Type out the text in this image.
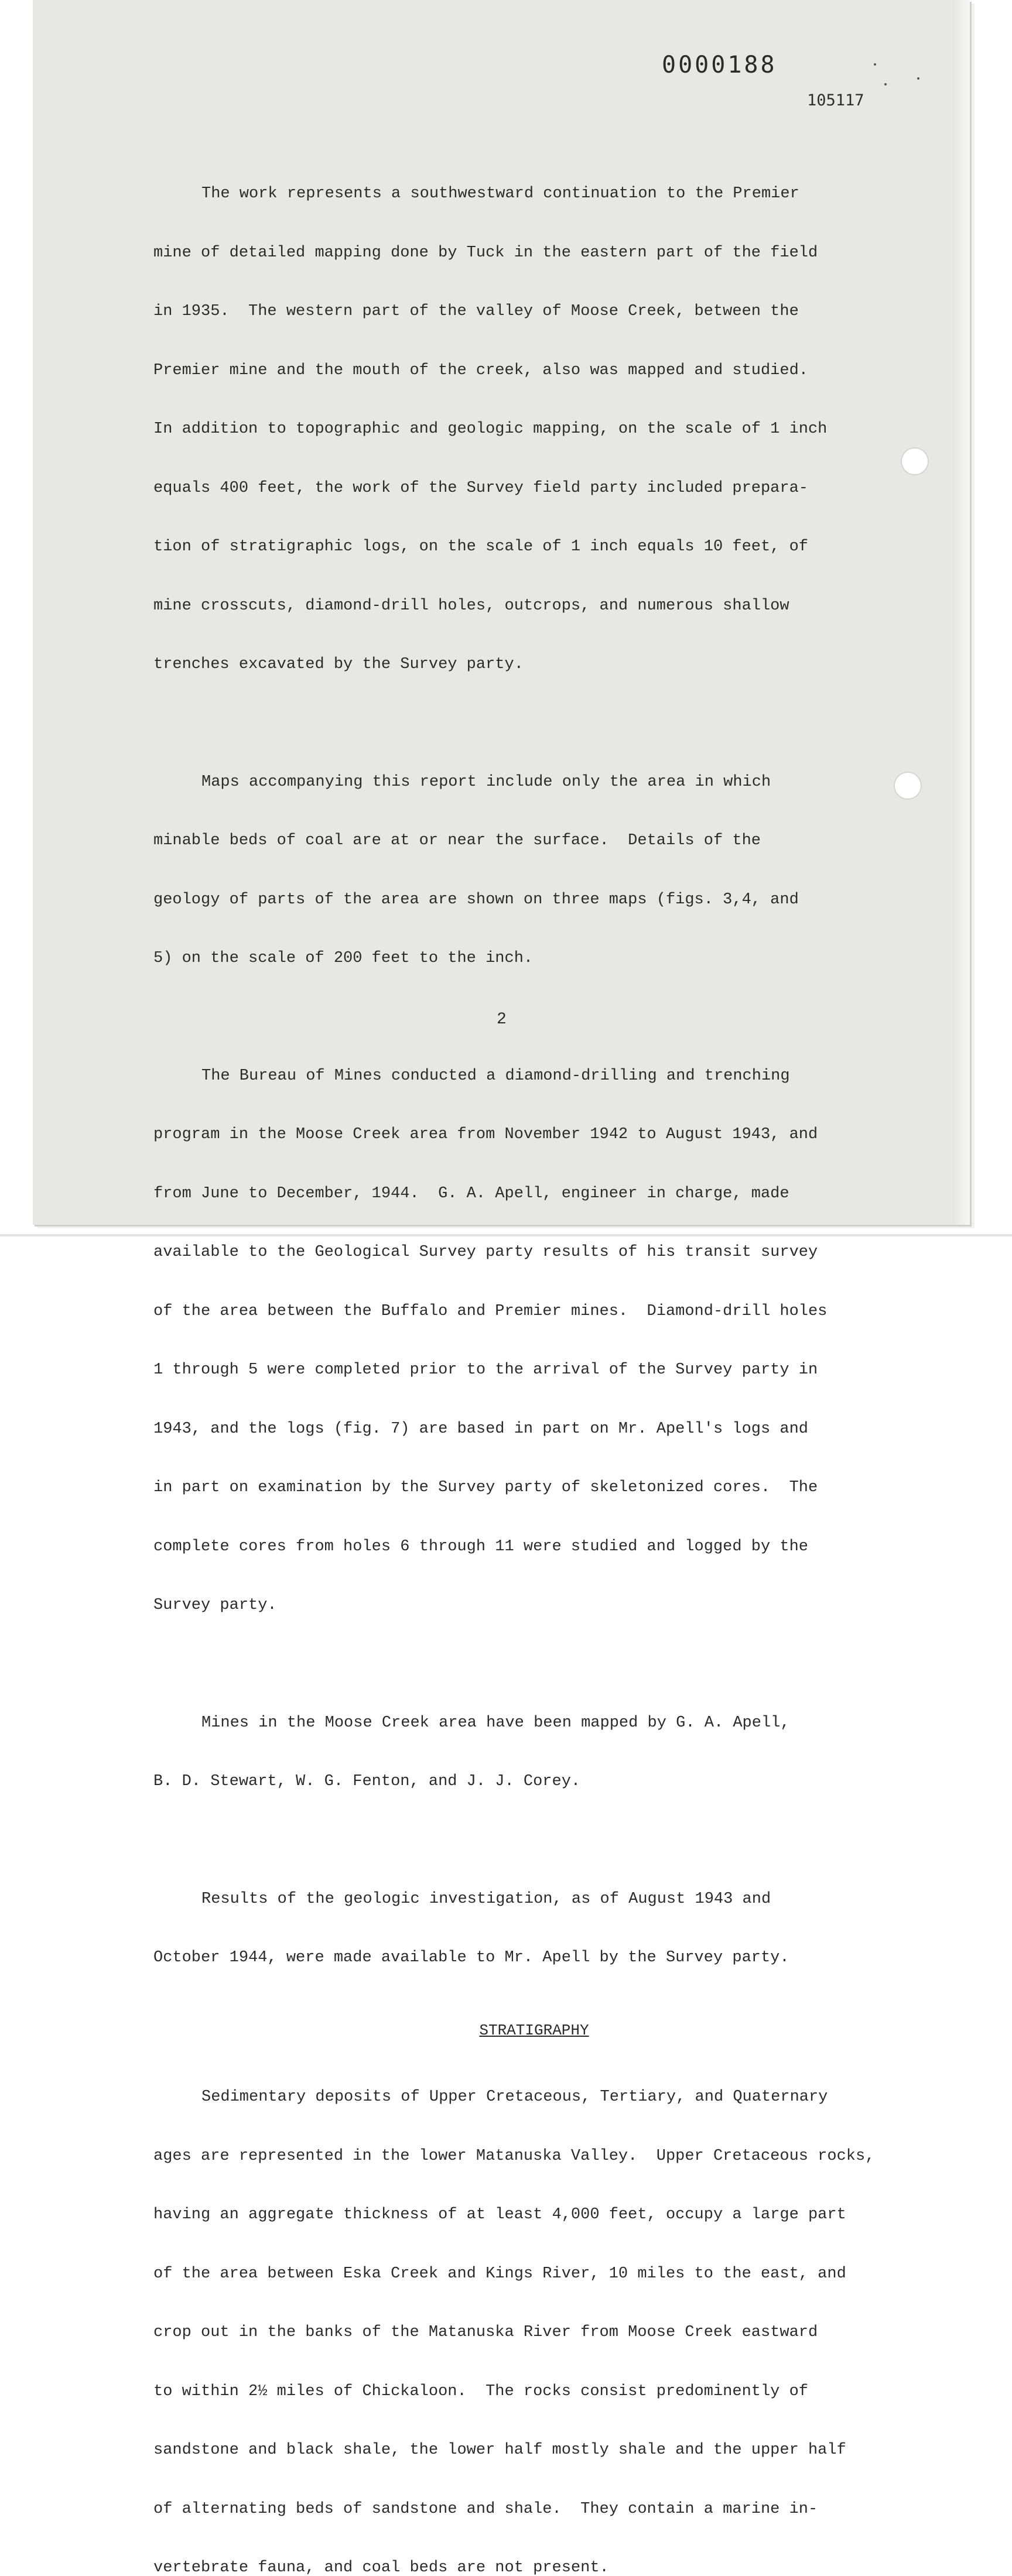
0000188
105117

The work represents a southwestward continuation to the Premier

mine of detailed mapping done by Tuck in the eastern part of the field

in 1935.  The western part of the valley of Moose Creek, between the

Premier mine and the mouth of the creek, also was mapped and studied.

In addition to topographic and geologic mapping, on the scale of 1 inch

equals 400 feet, the work of the Survey field party included prepara-

tion of stratigraphic logs, on the scale of 1 inch equals 10 feet, of

mine crosscuts, diamond-drill holes, outcrops, and numerous shallow

trenches excavated by the Survey party.

Maps accompanying this report include only the area in which

minable beds of coal are at or near the surface.  Details of the

geology of parts of the area are shown on three maps (figs. 3,4, and

5) on the scale of 200 feet to the inch.

The Bureau of Mines conducted a diamond-drilling and trenching

program in the Moose Creek area from November 1942 to August 1943, and

from June to December, 1944.  G. A. Apell, engineer in charge, made

available to the Geological Survey party results of his transit survey

of the area between the Buffalo and Premier mines.  Diamond-drill holes

1 through 5 were completed prior to the arrival of the Survey party in

1943, and the logs (fig. 7) are based in part on Mr. Apell's logs and

in part on examination by the Survey party of skeletonized cores.  The

complete cores from holes 6 through 11 were studied and logged by the

Survey party.

Mines in the Moose Creek area have been mapped by G. A. Apell,

B. D. Stewart, W. G. Fenton, and J. J. Corey.

Results of the geologic investigation, as of August 1943 and

October 1944, were made available to Mr. Apell by the Survey party.

STRATIGRAPHY

Sedimentary deposits of Upper Cretaceous, Tertiary, and Quaternary

ages are represented in the lower Matanuska Valley.  Upper Cretaceous rocks,

having an aggregate thickness of at least 4,000 feet, occupy a large part

of the area between Eska Creek and Kings River, 10 miles to the east, and

crop out in the banks of the Matanuska River from Moose Creek eastward

to within 2½ miles of Chickaloon.  The rocks consist predominently of

sandstone and black shale, the lower half mostly shale and the upper half

of alternating beds of sandstone and shale.  They contain a marine in-

vertebrate fauna, and coal beds are not present.

2
